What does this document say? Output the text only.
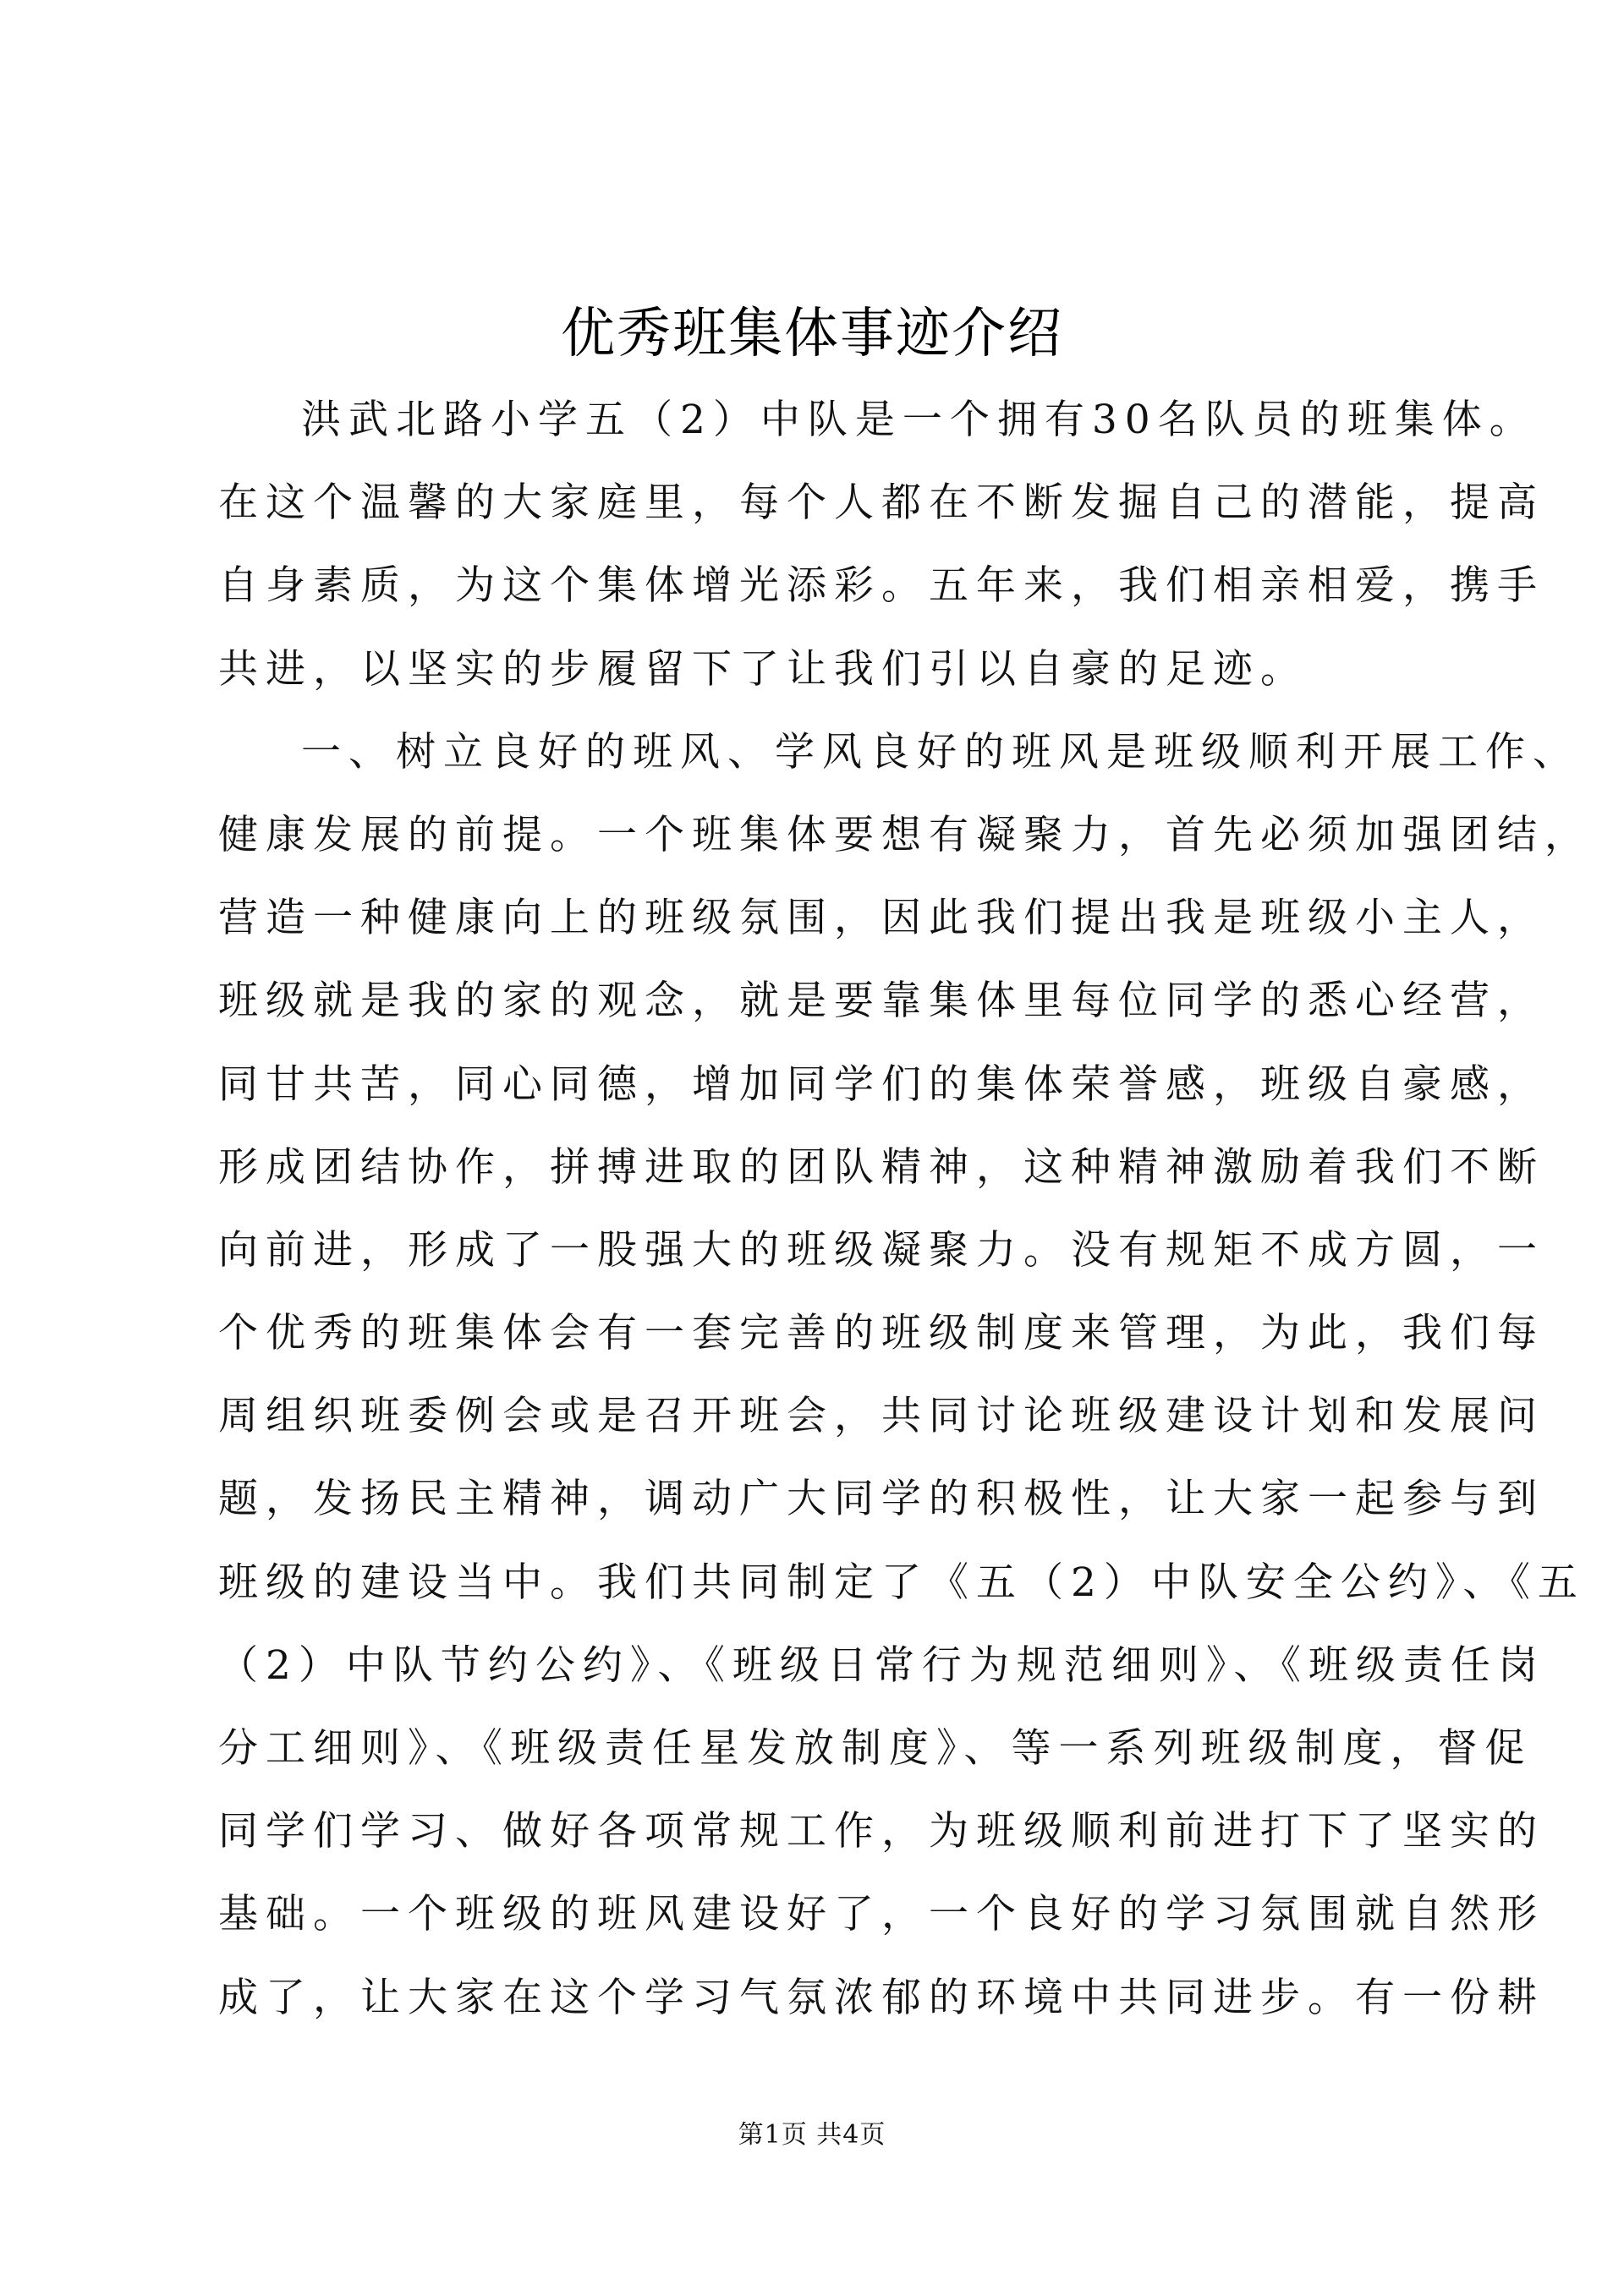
优秀班集体事迹介绍
洪武北路小学五（2）中队是一个拥有30名队员的班集体。
在这个温馨的大家庭里，每个人都在不断发掘自己的潜能，提高
自身素质，为这个集体增光添彩。五年来，我们相亲相爱，携手
共进，以坚实的步履留下了让我们引以自豪的足迹。
一、树立良好的班风、学风良好的班风是班级顺利开展工作、
健康发展的前提。一个班集体要想有凝聚力，首先必须加强团结，
营造一种健康向上的班级氛围，因此我们提出我是班级小主人，
班级就是我的家的观念，就是要靠集体里每位同学的悉心经营，
同甘共苦，同心同德，增加同学们的集体荣誉感，班级自豪感，
形成团结协作，拼搏进取的团队精神，这种精神激励着我们不断
向前进，形成了一股强大的班级凝聚力。没有规矩不成方圆，一
个优秀的班集体会有一套完善的班级制度来管理，为此，我们每
周组织班委例会或是召开班会，共同讨论班级建设计划和发展问
题，发扬民主精神，调动广大同学的积极性，让大家一起参与到
班级的建设当中。我们共同制定了《五（2）中队安全公约》、《五
（2）中队节约公约》、《班级日常行为规范细则》、《班级责任岗
分工细则》、《班级责任星发放制度》、等一系列班级制度，督促
同学们学习、做好各项常规工作，为班级顺利前进打下了坚实的
基础。一个班级的班风建设好了，一个良好的学习氛围就自然形
成了，让大家在这个学习气氛浓郁的环境中共同进步。有一份耕
第1页 共4页
